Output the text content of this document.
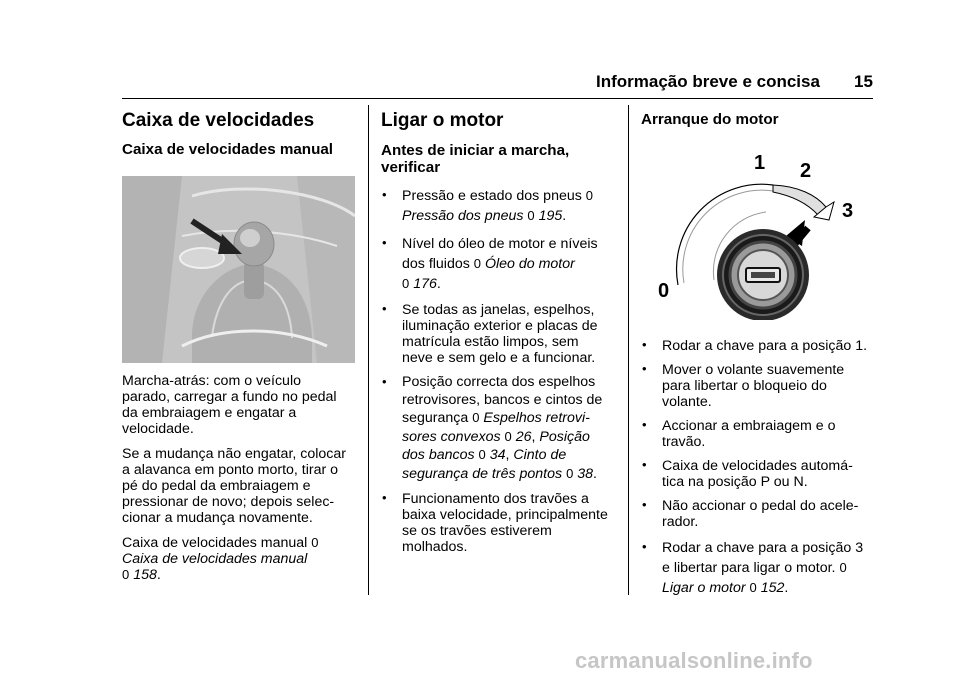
Informação breve e concisa 15
Caixa de velocidades
Caixa de velocidades manual

Marcha-atrás: com o veículo
parado, carregar a fundo no pedal
da embraiagem e engatar a
velocidade.

Se a mudança não engatar, colocar
a alavanca em ponto morto, tirar o
pé do pedal da embraiagem e
pressionar de novo; depois selec-
cionar a mudança novamente.

Caixa de velocidades manual 0
Caixa de velocidades manual
0 158.

Ligar o motor
Antes de iniciar a marcha,
verificar
• Pressão e estado dos pneus 0
Pressão dos pneus 0 195.
• Nível do óleo de motor e níveis
dos fluidos 0 Óleo do motor
0 176.
• Se todas as janelas, espelhos,
iluminação exterior e placas de
matrícula estão limpos, sem
neve e sem gelo e a funcionar.
• Posição correcta dos espelhos
retrovisores, bancos e cintos de
segurança 0 Espelhos retrovi-
sores convexos 0 26, Posição
dos bancos 0 34, Cinto de
segurança de três pontos 0 38.
• Funcionamento dos travões a
baixa velocidade, principalmente
se os travões estiverem
molhados.
Arranque do motor
0
1 2
3
• Rodar a chave para a posição 1.
• Mover o volante suavemente
para libertar o bloqueio do
volante.
• Accionar a embraiagem e o
travão.
• Caixa de velocidades automá-
tica na posição P ou N.
• Não accionar o pedal do acele-
rador.
• Rodar a chave para a posição 3
e libertar para ligar o motor. 0
Ligar o motor 0 152.
carmanualsonline.info
